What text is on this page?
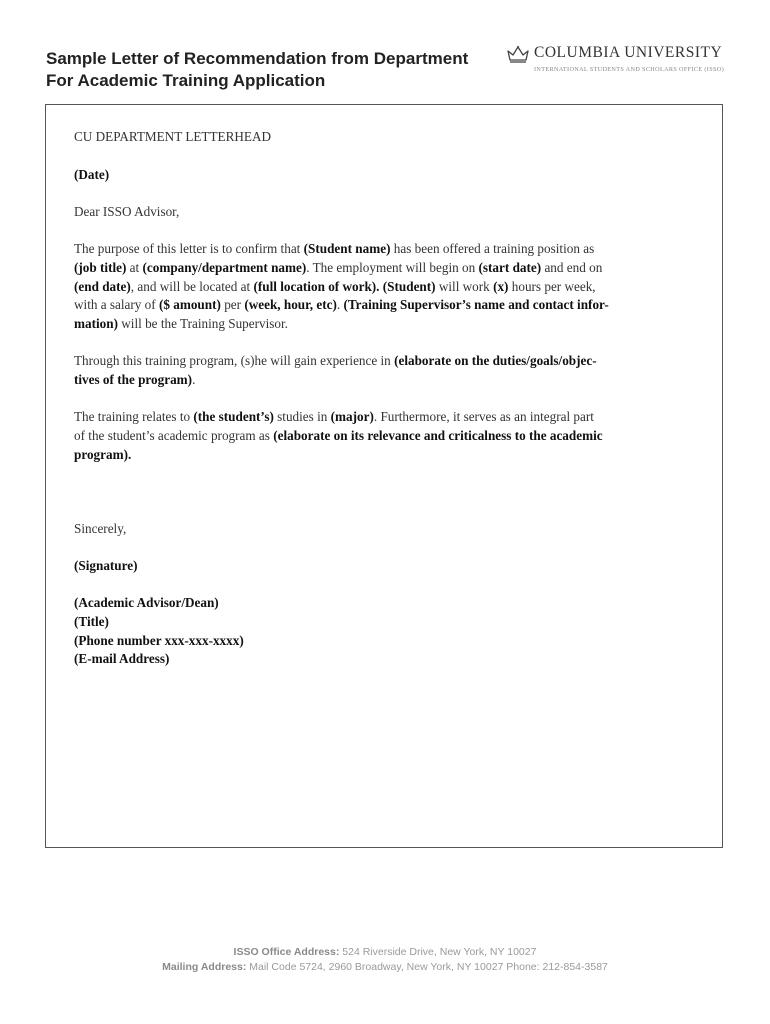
Sample Letter of Recommendation from Department
For Academic Training Application
COLUMBIA UNIVERSITY
INTERNATIONAL STUDENTS AND SCHOLARS OFFICE (ISSO)

CU DEPARTMENT LETTERHEAD

(Date)

Dear ISSO Advisor,

The purpose of this letter is to confirm that (Student name) has been offered a training position as
(job title) at (company/department name). The employment will begin on (start date) and end on
(end date), and will be located at (full location of work). (Student) will work (x) hours per week,
with a salary of ($ amount) per (week, hour, etc). (Training Supervisor’s name and contact infor-
mation) will be the Training Supervisor.

Through this training program, (s)he will gain experience in (elaborate on the duties/goals/objec-
tives of the program).

The training relates to (the student’s) studies in (major). Furthermore, it serves as an integral part
of the student’s academic program as (elaborate on its relevance and criticalness to the academic
program).

Sincerely,

(Signature)

(Academic Advisor/Dean)
(Title)
(Phone number xxx-xxx-xxxx)
(E-mail Address)

ISSO Office Address: 524 Riverside Drive, New York, NY 10027
Mailing Address: Mail Code 5724, 2960 Broadway, New York, NY 10027 Phone: 212-854-3587
